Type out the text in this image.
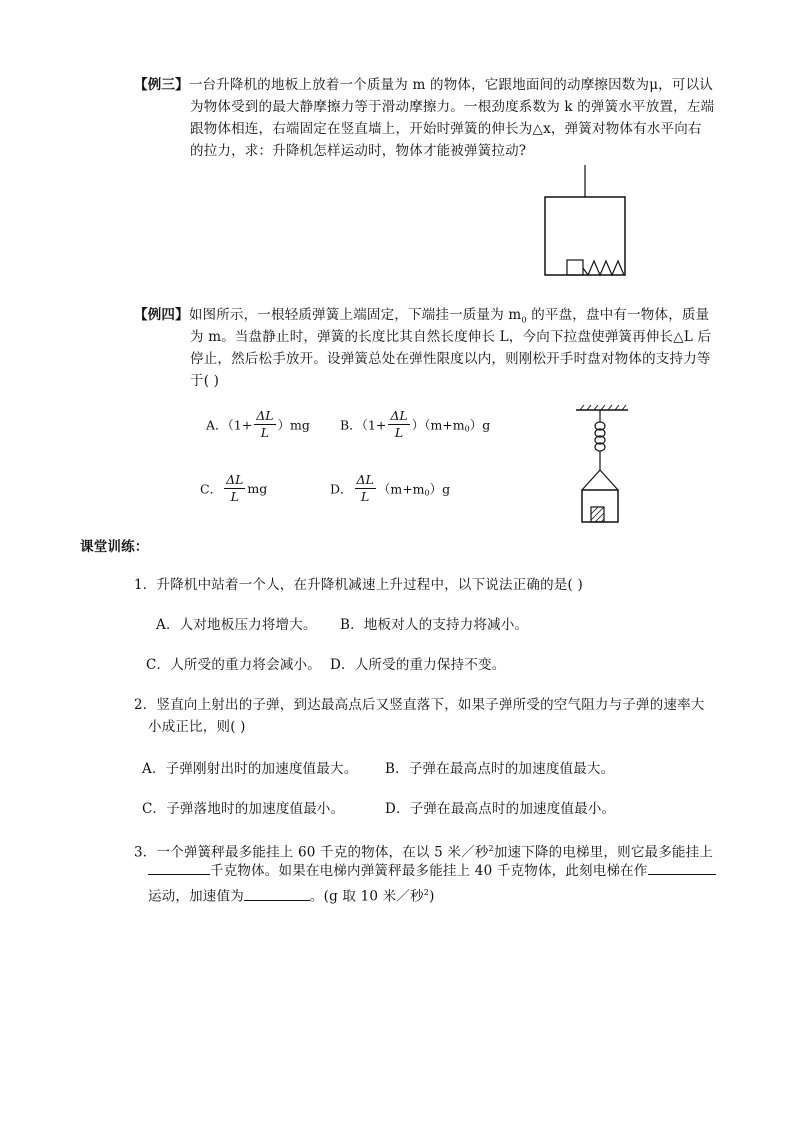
【例三】一台升降机的地板上放着一个质量为 m 的物体，它跟地面间的动摩擦因数为μ，可以认
为物体受到的最大静摩擦力等于滑动摩擦力。一根劲度系数为 k 的弹簧水平放置，左端
跟物体相连，右端固定在竖直墙上，开始时弹簧的伸长为△x，弹簧对物体有水平向右
的拉力，求：升降机怎样运动时，物体才能被弹簧拉动?
【例四】如图所示，一根轻质弹簧上端固定，下端挂一质量为 $m_0$ 的平盘，盘中有一物体，质量
为 m。当盘静止时，弹簧的长度比其自然长度伸长 L，今向下拉盘使弹簧再伸长△L 后
停止，然后松手放开。设弹簧总处在弹性限度以内，则刚松开手时盘对物体的支持力等
于( )
A．$(1+ \frac{\Delta L}{L} )mg$ B．$(1+ \frac{\Delta L}{L} )(m+m_0)g$
C． $\frac{\Delta L}{L}$ mg	D． $\frac{\Delta L}{L} (m+m_0)g$
课堂训练：
1．升降机中站着一个人，在升降机减速上升过程中，以下说法正确的是( )
A．人对地板压力将增大。 B．地板对人的支持力将减小。
C．人所受的重力将会减小。 D．人所受的重力保持不变。
2．竖直向上射出的子弹，到达最高点后又竖直落下，如果子弹所受的空气阻力与子弹的速率大
小成正比，则( )
A．子弹刚射出时的加速度值最大。 B．子弹在最高点时的加速度值最大。
C．子弹落地时的加速度值最小。	D．子弹在最高点时的加速度值最小。
3．一个弹簧秤最多能挂上 60 千克的物体，在以 5 米／秒$^2$加速下降的电梯里，则它最多能挂上
千克物体。如果在电梯内弹簧秤最多能挂上 40 千克物体，此刻电梯在作
运动，加速值为	。(g 取 10 米／秒$^2$)
